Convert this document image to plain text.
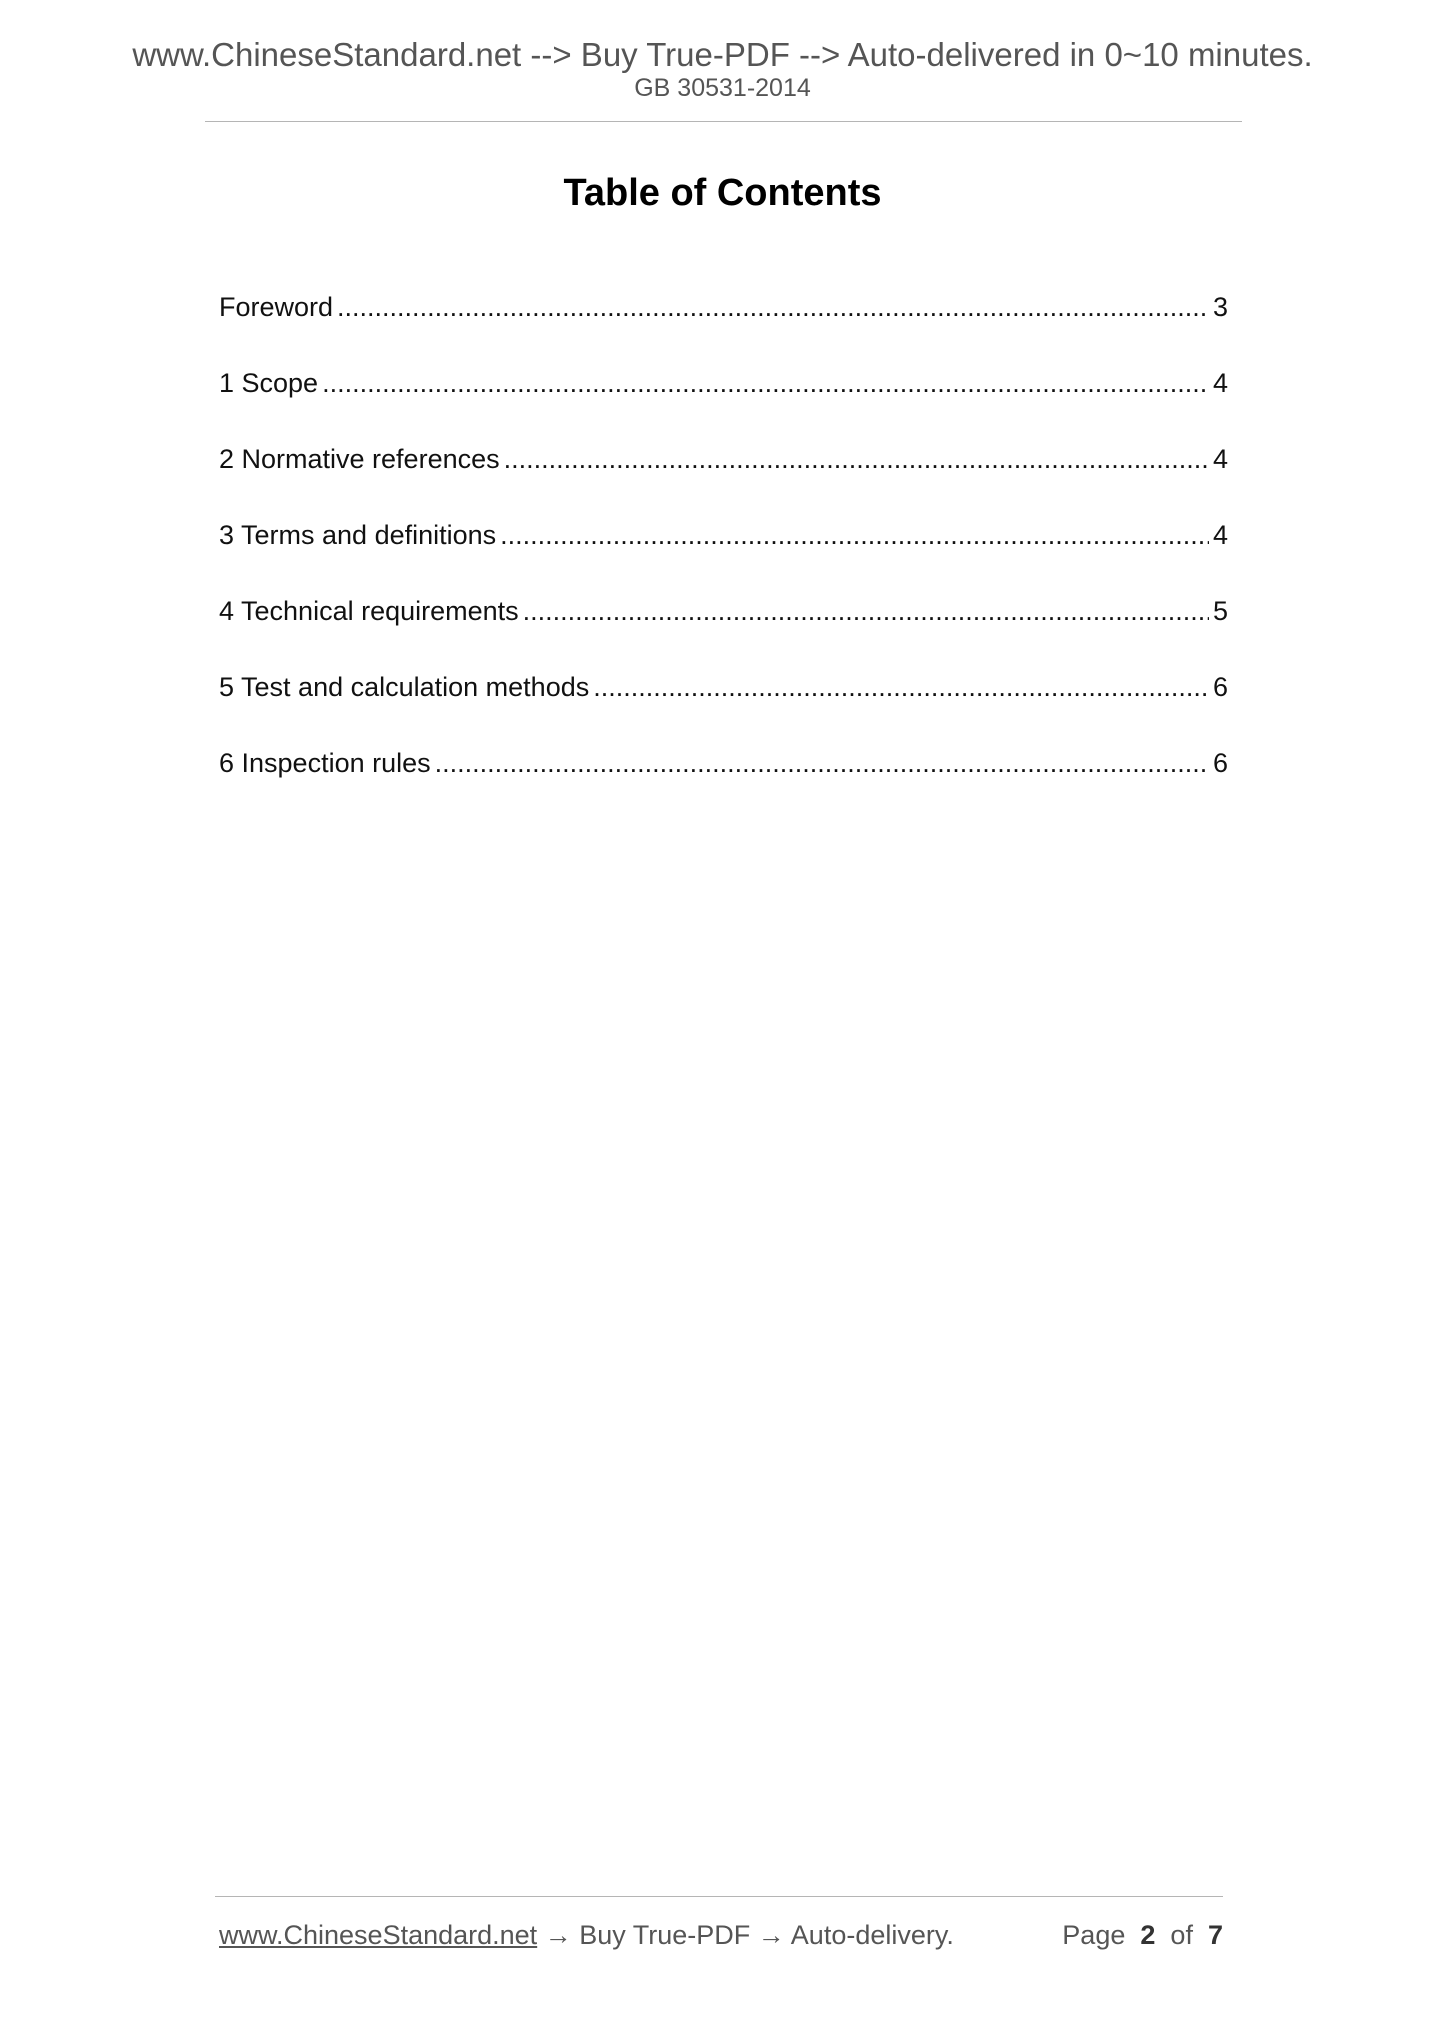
www.ChineseStandard.net --> Buy True-PDF --> Auto-delivered in 0~10 minutes.
GB 30531-2014
Table of Contents
Foreword .....	3
1 Scope .....	4
2 Normative references .....	4
3 Terms and definitions .....	4
4 Technical requirements .....	5
5 Test and calculation methods .....	6
6 Inspection rules .....	6
www.ChineseStandard.net → Buy True-PDF → Auto-delivery.	Page 2 of 7
